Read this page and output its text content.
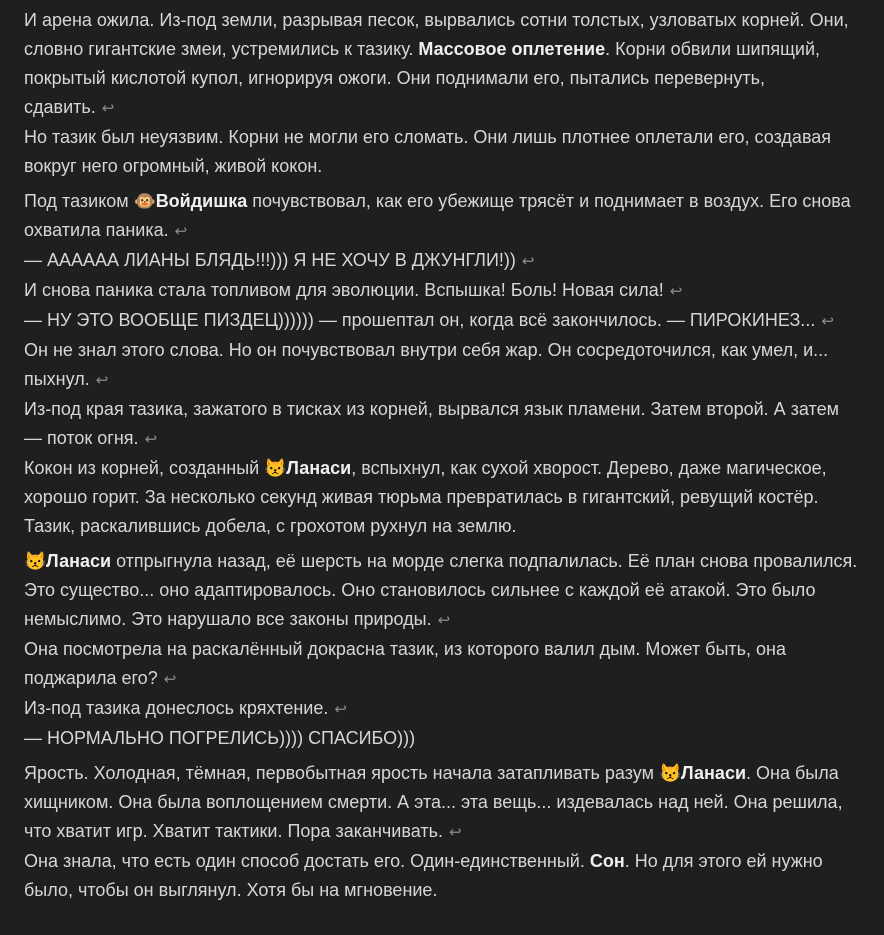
И арена ожила. Из-под земли, разрывая песок, вырвались сотни толстых, узловатых корней. Они, словно гигантские змеи, устремились к тазику. Массовое оплетение. Корни обвили шипящий, покрытый кислотой купол, игнорируя ожоги. Они поднимали его, пытались перевернуть, сдавить. ↩
Но тазик был неуязвим. Корни не могли его сломать. Они лишь плотнее оплетали его, создавая вокруг него огромный, живой кокон.
Под тазиком 🐵Войдишка почувствовал, как его убежище трясёт и поднимает в воздух. Его снова охватила паника. ↩
— АААААА ЛИАНЫ БЛЯДЬ!!!))) Я НЕ ХОЧУ В ДЖУНГЛИ!)) ↩
И снова паника стала топливом для эволюции. Вспышка! Боль! Новая сила! ↩
— НУ ЭТО ВООБЩЕ ПИЗДЕЦ)))))) — прошептал он, когда всё закончилось. — ПИРОКИНЕЗ... ↩
Он не знал этого слова. Но он почувствовал внутри себя жар. Он сосредоточился, как умел, и... пыхнул. ↩
Из-под края тазика, зажатого в тисках из корней, вырвался язык пламени. Затем второй. А затем — поток огня. ↩
Кокон из корней, созданный 😾Ланаси, вспыхнул, как сухой хворост. Дерево, даже магическое, хорошо горит. За несколько секунд живая тюрьма превратилась в гигантский, ревущий костёр. Тазик, раскалившись добела, с грохотом рухнул на землю.
😾Ланаси отпрыгнула назад, её шерсть на морде слегка подпалилась. Её план снова провалился. Это существо... оно адаптировалось. Оно становилось сильнее с каждой её атакой. Это было немыслимо. Это нарушало все законы природы. ↩
Она посмотрела на раскалённый докрасна тазик, из которого валил дым. Может быть, она поджарила его? ↩
Из-под тазика донеслось кряхтение. ↩
— НОРМАЛЬНО ПОГРЕЛИСЬ)))) СПАСИБО)))
Ярость. Холодная, тёмная, первобытная ярость начала затапливать разум 😾Ланаси. Она была хищником. Она была воплощением смерти. А эта... эта вещь... издевалась над ней. Она решила, что хватит игр. Хватит тактики. Пора заканчивать. ↩
Она знала, что есть один способ достать его. Один-единственный. Сон. Но для этого ей нужно было, чтобы он выглянул. Хотя бы на мгновение.
